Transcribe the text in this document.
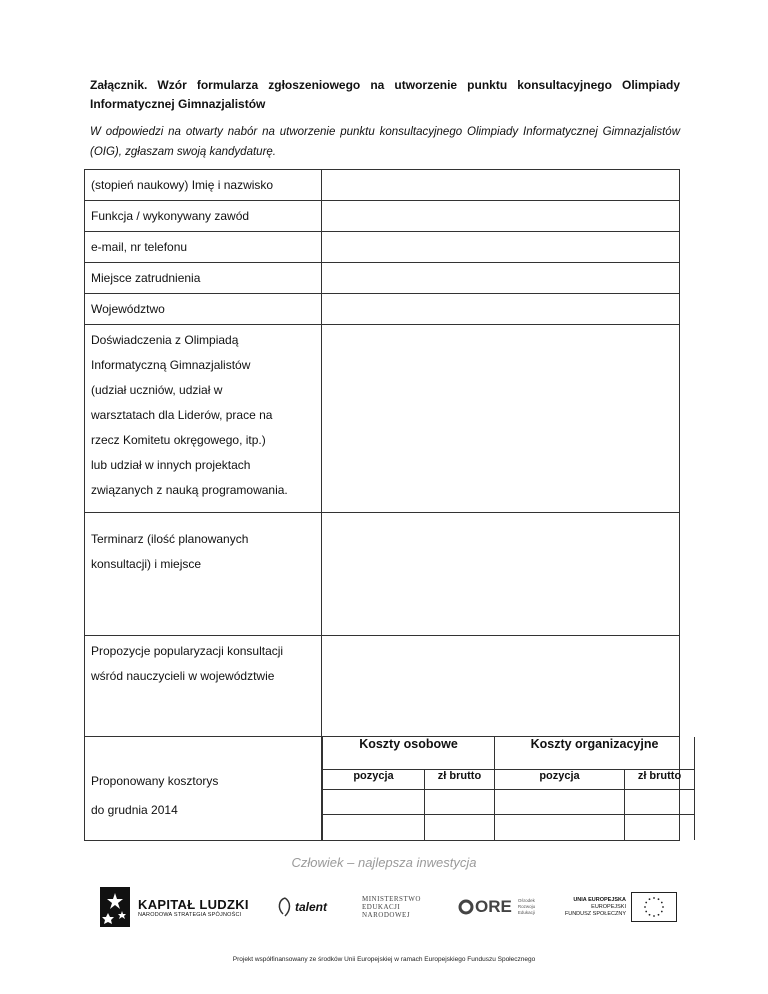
Załącznik. Wzór formularza zgłoszeniowego na utworzenie punktu konsultacyjnego Olimpiady Informatycznej Gimnazjalistów
W odpowiedzi na otwarty nabór na utworzenie punktu konsultacyjnego Olimpiady Informatycznej Gimnazjalistów (OIG), zgłaszam swoją kandydaturę.
(stopień naukowy) Imię i nazwisko	
Funkcja / wykonywany zawód	
e-mail, nr telefonu	
Miejsce zatrudnienia	
Województwo	

Doświadczenia z Olimpiadą
Informatyczną Gimnazjalistów
(udział uczniów, udział w
warsztatach dla Liderów, prace na
rzecz Komitetu okręgowego, itp.)
lub udział w innych projektach
związanych z nauką programowania.

Terminarz (ilość planowanych
konsultacji) i miejsce

Propozycje popularyzacji konsultacji
wśród nauczycieli w województwie

Proponowany kosztorys
do grudnia 2014

Koszty osobowe	Koszty organizacyjne
pozycja	zł brutto	pozycja	zł brutto

Człowiek – najlepsza inwestycja
KAPITAŁ LUDZKI
NARODOWA STRATEGIA SPÓJNOŚCI
talent
MINISTERSTWO
EDUKACJI
NARODOWEJ	ORE Ośrodek
Rozwoju
Edukacji
UNIA EUROPEJSKA
EUROPEJSKI
FUNDUSZ SPOŁECZNY
Projekt współfinansowany ze środków Unii Europejskiej w ramach Europejskiego Funduszu Społecznego
